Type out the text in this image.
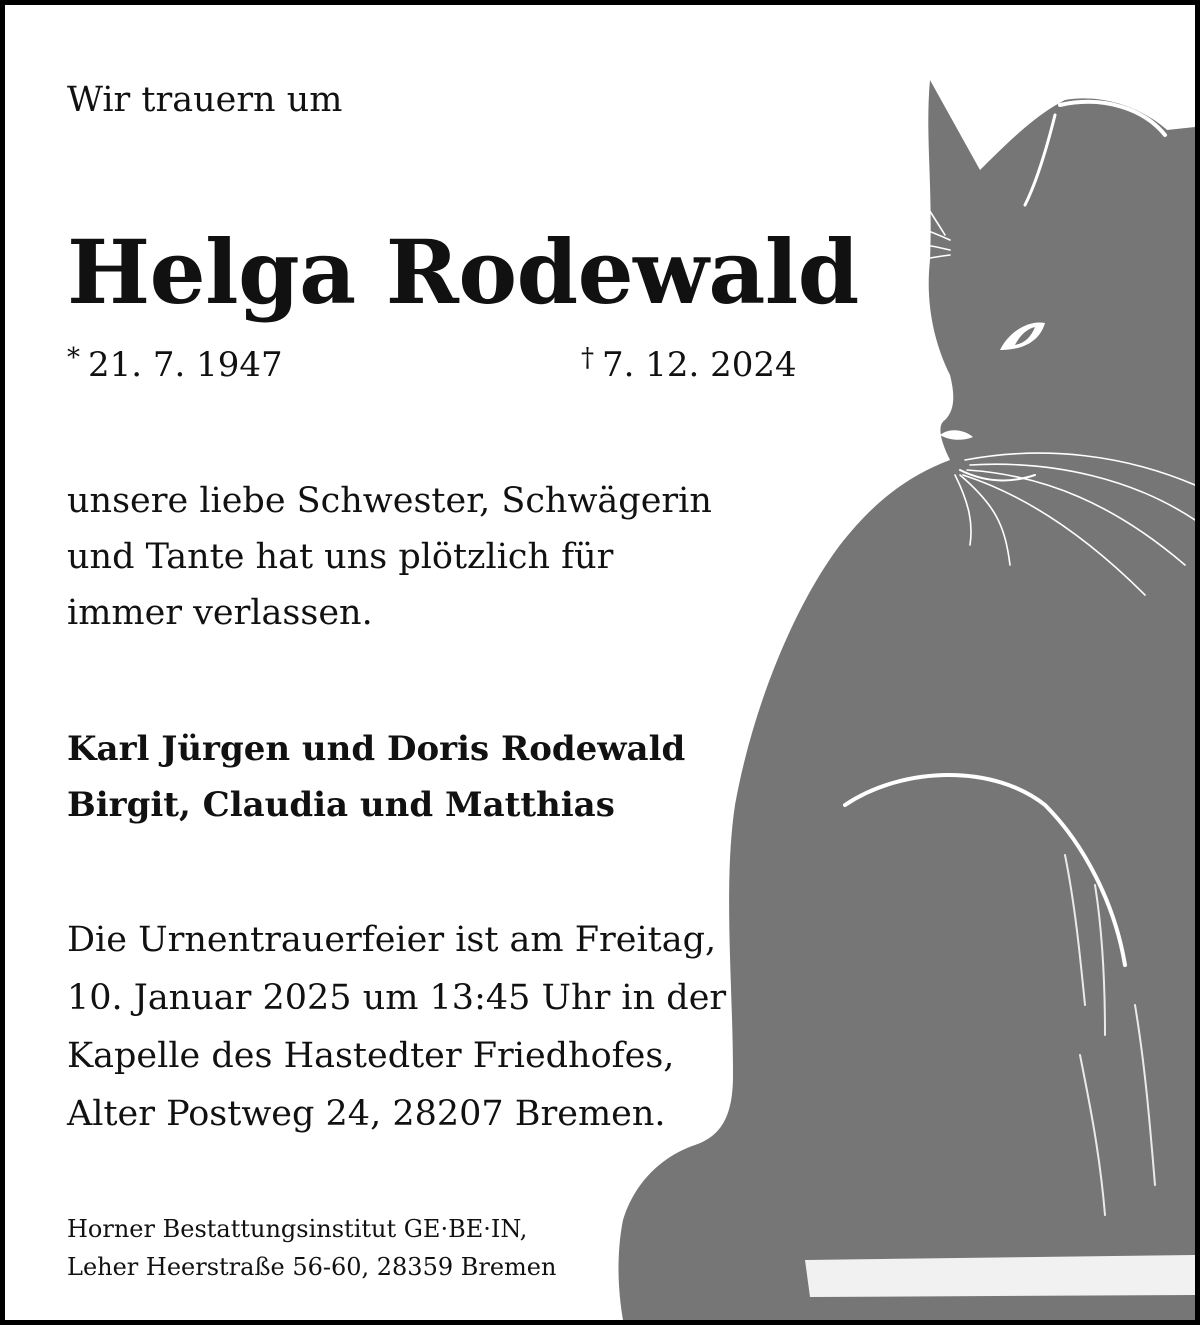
Wir trauern um

Helga Rodewald
* 21. 7. 1947	† 7. 12. 2024
unsere liebe Schwester, Schwägerin
und Tante hat uns plötzlich für
immer verlassen.
Karl Jürgen und Doris Rodewald
Birgit, Claudia und Matthias
Die Urnentrauerfeier ist am Freitag,
10. Januar 2025 um 13:45 Uhr in der
Kapelle des Hastedter Friedhofes,
Alter Postweg 24, 28207 Bremen.
Horner Bestattungsinstitut GE·BE·IN,
Leher Heerstraße 56-60, 28359 Bremen
